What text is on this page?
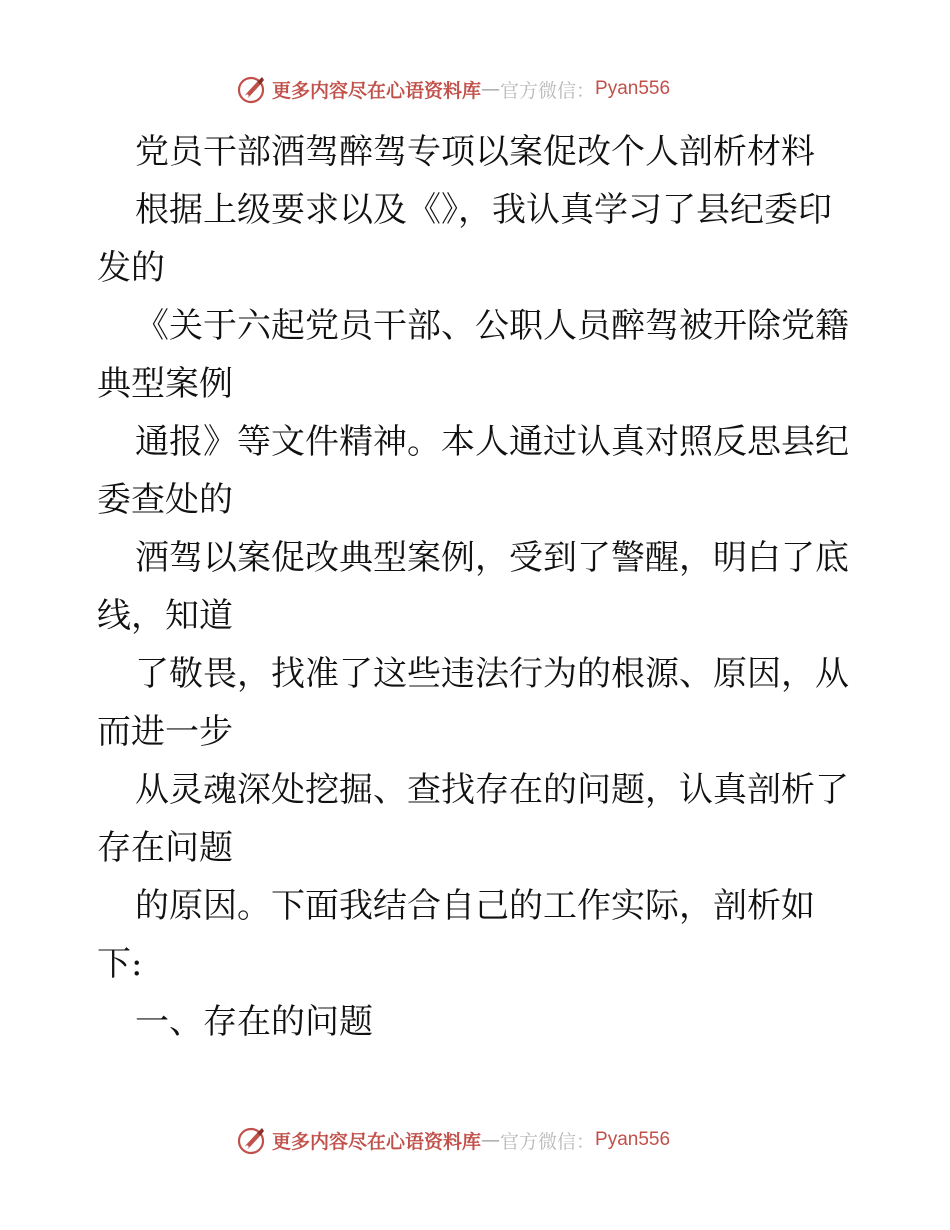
更多内容尽在心语资料库 — 官方微信： Pyan556
党员干部酒驾醉驾专项以案促改个人剖析材料
根据上级要求以及《》，我认真学习了县纪委印
发的
《关于六起党员干部、公职人员醉驾被开除党籍
典型案例
通报》等文件精神。本人通过认真对照反思县纪
委查处的
酒驾以案促改典型案例，受到了警醒，明白了底
线，知道
了敬畏，找准了这些违法行为的根源、原因，从
而进一步
从灵魂深处挖掘、查找存在的问题，认真剖析了
存在问题
的原因。下面我结合自己的工作实际，剖析如
下:
一、存在的问题
更多内容尽在心语资料库 — 官方微信： Pyan556
